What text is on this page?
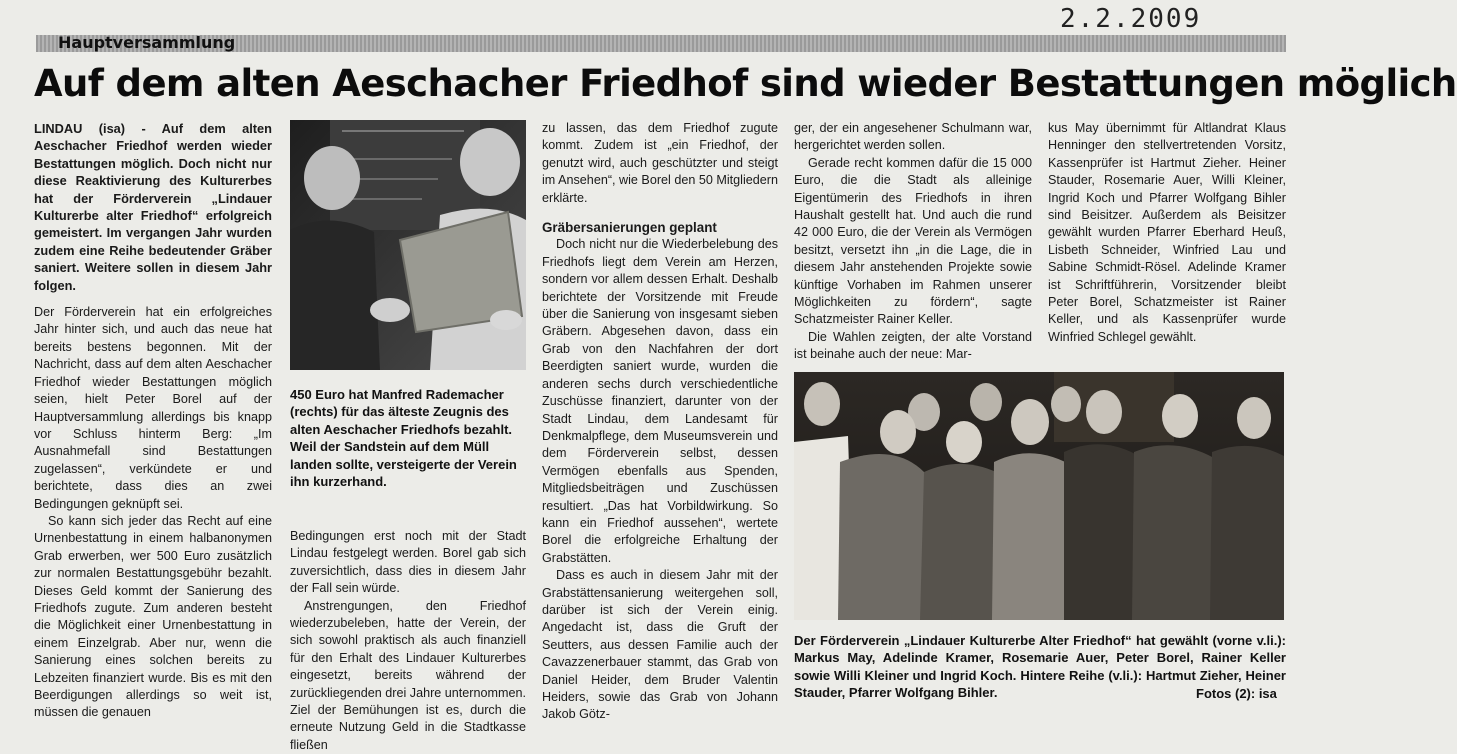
2.2.2009
Hauptversammlung
Auf dem alten Aeschacher Friedhof sind wieder Bestattungen möglich

LINDAU (isa) - Auf dem alten Aeschacher Friedhof werden wieder Bestattungen möglich. Doch nicht nur diese Reaktivierung des Kulturerbes hat der Förderverein „Lindauer Kulturerbe alter Friedhof“ erfolgreich gemeistert. Im vergangen Jahr wurden zudem eine Reihe bedeutender Gräber saniert. Weitere sollen in diesem Jahr folgen.

Der Förderverein hat ein erfolgreiches Jahr hinter sich, und auch das neue hat bereits bestens begonnen. Mit der Nachricht, dass auf dem alten Aeschacher Friedhof wieder Bestattungen möglich seien, hielt Peter Borel auf der Hauptversammlung allerdings bis knapp vor Schluss hinterm Berg: „Im Ausnahmefall sind Bestattungen zugelassen“, verkündete er und berichtete, dass dies an zwei Bedingungen geknüpft sei.

So kann sich jeder das Recht auf eine Urnenbestattung in einem halbanonymen Grab erwerben, wer 500 Euro zusätzlich zur normalen Bestattungsgebühr bezahlt. Dieses Geld kommt der Sanierung des Friedhofs zugute. Zum anderen besteht die Möglichkeit einer Urnenbestattung in einem Einzelgrab. Aber nur, wenn die Sanierung eines solchen bereits zu Lebzeiten finanziert wurde. Bis es mit den Beerdigungen allerdings so weit ist, müssen die genauen

450 Euro hat Manfred Rademacher (rechts) für das älteste Zeugnis des alten Aeschacher Friedhofs bezahlt. Weil der Sandstein auf dem Müll landen sollte, versteigerte der Verein ihn kurzerhand.

Bedingungen erst noch mit der Stadt Lindau festgelegt werden. Borel gab sich zuversichtlich, dass dies in diesem Jahr der Fall sein würde.

Anstrengungen, den Friedhof wiederzubeleben, hatte der Verein, der sich sowohl praktisch als auch finanziell für den Erhalt des Lindauer Kulturerbes eingesetzt, bereits während der zurückliegenden drei Jahre unternommen. Ziel der Bemühungen ist es, durch die erneute Nutzung Geld in die Stadtkasse fließen

zu lassen, das dem Friedhof zugute kommt. Zudem ist „ein Friedhof, der genutzt wird, auch geschützter und steigt im Ansehen“, wie Borel den 50 Mitgliedern erklärte.

Gräbersanierungen geplant

Doch nicht nur die Wiederbelebung des Friedhofs liegt dem Verein am Herzen, sondern vor allem dessen Erhalt. Deshalb berichtete der Vorsitzende mit Freude über die Sanierung von insgesamt sieben Gräbern. Abgesehen davon, dass ein Grab von den Nachfahren der dort Beerdigten saniert wurde, wurden die anderen sechs durch verschiedentliche Zuschüsse finanziert, darunter von der Stadt Lindau, dem Landesamt für Denkmalpflege, dem Museumsverein und dem Förderverein selbst, dessen Vermögen ebenfalls aus Spenden, Mitgliedsbeiträgen und Zuschüssen resultiert. „Das hat Vorbildwirkung. So kann ein Friedhof aussehen“, wertete Borel die erfolgreiche Erhaltung der Grabstätten.

Dass es auch in diesem Jahr mit der Grabstättensanierung weitergehen soll, darüber ist sich der Verein einig. Angedacht ist, dass die Gruft der Seutters, aus dessen Familie auch der Cavazzenerbauer stammt, das Grab von Daniel Heider, dem Bruder Valentin Heiders, sowie das Grab von Johann Jakob Götz-

ger, der ein angesehener Schulmann war, hergerichtet werden sollen.

Gerade recht kommen dafür die 15 000 Euro, die die Stadt als alleinige Eigentümerin des Friedhofs in ihren Haushalt gestellt hat. Und auch die rund 42 000 Euro, die der Verein als Vermögen besitzt, versetzt ihn „in die Lage, die in diesem Jahr anstehenden Projekte sowie künftige Vorhaben im Rahmen unserer Möglichkeiten zu fördern“, sagte Schatzmeister Rainer Keller.

Die Wahlen zeigten, der alte Vorstand ist beinahe auch der neue: Mar-

kus May übernimmt für Altlandrat Klaus Henninger den stellvertretenden Vorsitz, Kassenprüfer ist Hartmut Zieher. Heiner Stauder, Rosemarie Auer, Willi Kleiner, Ingrid Koch und Pfarrer Wolfgang Bihler sind Beisitzer. Außerdem als Beisitzer gewählt wurden Pfarrer Eberhard Heuß, Lisbeth Schneider, Winfried Lau und Sabine Schmidt-Rösel. Adelinde Kramer ist Schriftführerin, Vorsitzender bleibt Peter Borel, Schatzmeister ist Rainer Keller, und als Kassenprüfer wurde Winfried Schlegel gewählt.

Der Förderverein „Lindauer Kulturerbe Alter Friedhof“ hat gewählt (vorne v.li.): Markus May, Adelinde Kramer, Rosemarie Auer, Peter Borel, Rainer Keller sowie Willi Kleiner und Ingrid Koch. Hintere Reihe (v.li.): Hartmut Zieher, Heiner Stauder, Pfarrer Wolfgang Bihler.	Fotos (2): isa
